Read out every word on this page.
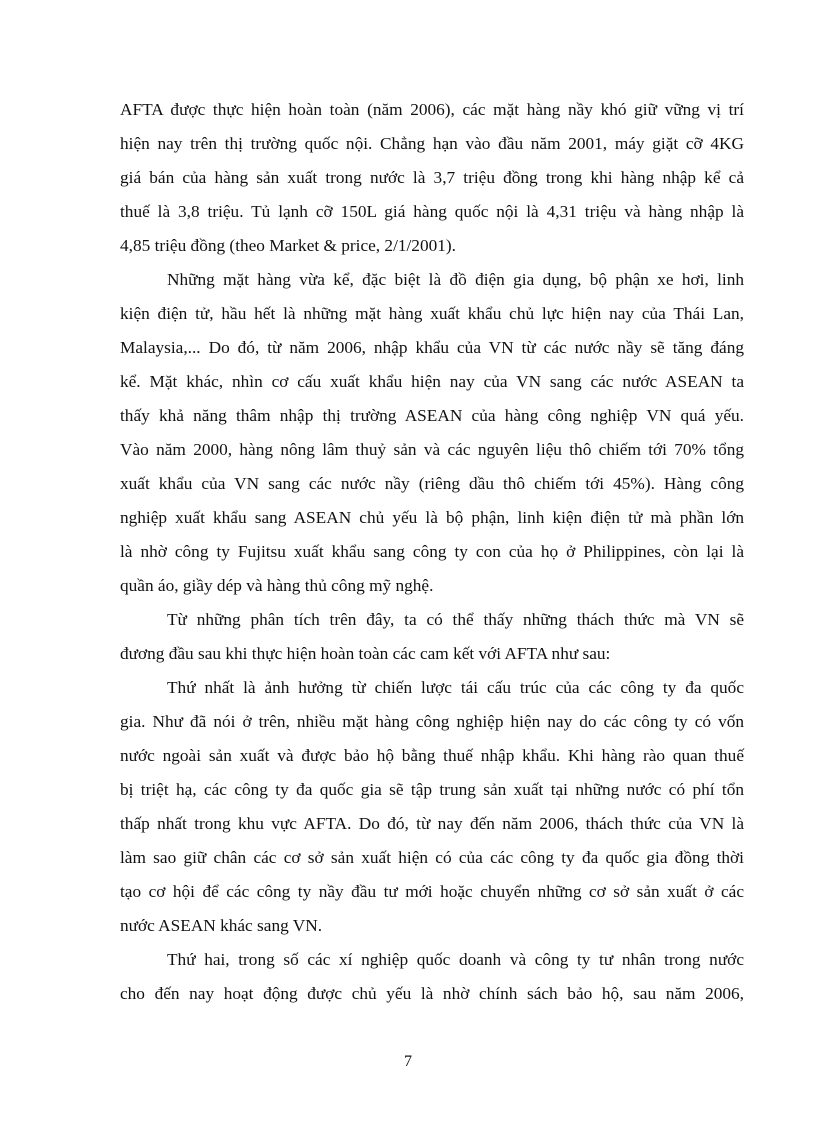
AFTA được thực hiện hoàn toàn (năm 2006), các mặt hàng nầy khó giữ vững vị trí
hiện nay trên thị trường quốc nội. Chẳng hạn vào đầu năm 2001, máy giặt cỡ 4KG
giá bán của hàng sản xuất trong nước là 3,7 triệu đồng trong khi hàng nhập kể cả
thuế là 3,8 triệu. Tủ lạnh cỡ 150L giá hàng quốc nội là 4,31 triệu và hàng nhập là
4,85 triệu đồng (theo Market & price, 2/1/2001).
Những mặt hàng vừa kể, đặc biệt là đồ điện gia dụng, bộ phận xe hơi, linh
kiện điện tử, hầu hết là những mặt hàng xuất khẩu chủ lực hiện nay của Thái Lan,
Malaysia,... Do đó, từ năm 2006, nhập khẩu của VN từ các nước nầy sẽ tăng đáng
kể. Mặt khác, nhìn cơ cấu xuất khẩu hiện nay của VN sang các nước ASEAN ta
thấy khả năng thâm nhập thị trường ASEAN của hàng công nghiệp VN quá yếu.
Vào năm 2000, hàng nông lâm thuỷ sản và các nguyên liệu thô chiếm tới 70% tổng
xuất khẩu của VN sang các nước nầy (riêng dầu thô chiếm tới 45%). Hàng công
nghiệp xuất khẩu sang ASEAN chủ yếu là bộ phận, linh kiện điện tử mà phần lớn
là nhờ công ty Fujitsu xuất khẩu sang công ty con của họ ở Philippines, còn lại là
quần áo, giầy dép và hàng thủ công mỹ nghệ.
Từ những phân tích trên đây, ta có thể thấy những thách thức mà VN sẽ
đương đầu sau khi thực hiện hoàn toàn các cam kết với AFTA như sau:
Thứ nhất là ảnh hưởng từ chiến lược tái cấu trúc của các công ty đa quốc
gia. Như đã nói ở trên, nhiều mặt hàng công nghiệp hiện nay do các công ty có vốn
nước ngoài sản xuất và được bảo hộ bằng thuế nhập khẩu. Khi hàng rào quan thuế
bị triệt hạ, các công ty đa quốc gia sẽ tập trung sản xuất tại những nước có phí tổn
thấp nhất trong khu vực AFTA. Do đó, từ nay đến năm 2006, thách thức của VN là
làm sao giữ chân các cơ sở sản xuất hiện có của các công ty đa quốc gia đồng thời
tạo cơ hội để các công ty nầy đầu tư mới hoặc chuyển những cơ sở sản xuất ở các
nước ASEAN khác sang VN.
Thứ hai, trong số các xí nghiệp quốc doanh và công ty tư nhân trong nước
cho đến nay hoạt động được chủ yếu là nhờ chính sách bảo hộ, sau năm 2006,
7
